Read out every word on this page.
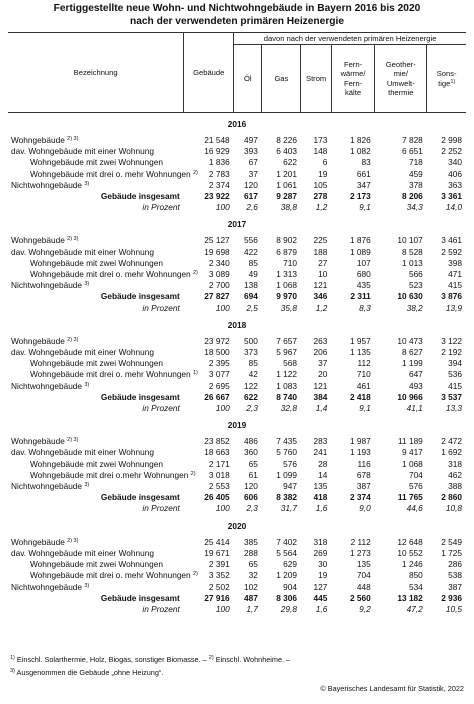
Fertiggestellte neue Wohn- und Nichtwohngebäude in Bayern 2016 bis 2020
nach der verwendeten primären Heizenergie
Bezeichnung	Gebäude	davon nach der verwendeten primären Heizenergie					
		Öl	Gas	Strom	Fern-
wärme/
Fern-
kälte	Geother-
mie/
Umwelt-
thermie	Sons-
tige$^{1)}$
2016							
Wohngebäude $^{2) 3)}$	21 548	497	8 226	173	1 826	7 828	2 998
dav. Wohngebäude mit einer Wohnung	16 929	393	6 403	148	1 082	6 651	2 252
Wohngebäude mit zwei Wohnungen	1 836	67	622	6	83	718	340
Wohngebäude mit drei o. mehr Wohnungen $^{2)}$	2 783	37	1 201	19	661	459	406
Nichtwohngebäude $^{3)}$	2 374	120	1 061	105	347	378	363
Gebäude insgesamt	23 922	617	9 287	278	2 173	8 206	3 361
in Prozent	100	2,6	38,8	1,2	9,1	34,3	14,0
2017							
Wohngebäude $^{2) 3)}$	25 127	556	8 902	225	1 876	10 107	3 461
dav. Wohngebäude mit einer Wohnung	19 698	422	6 879	188	1 089	8 528	2 592
Wohngebäude mit zwei Wohnungen	2 340	85	710	27	107	1 013	398
Wohngebäude mit drei o. mehr Wohnungen $^{2)}$	3 089	49	1 313	10	680	566	471
Nichtwohngebäude $^{3)}$	2 700	138	1 068	121	435	523	415
Gebäude insgesamt	27 827	694	9 970	346	2 311	10 630	3 876
in Prozent	100	2,5	35,8	1,2	8,3	38,2	13,9
2018							
Wohngebäude $^{2) 3)}$	23 972	500	7 657	263	1 957	10 473	3 122
dav. Wohngebäude mit einer Wohnung	18 500	373	5 967	206	1 135	8 627	2 192
Wohngebäude mit zwei Wohnungen	2 395	85	568	37	112	1 199	394
Wohngebäude mit drei o. mehr Wohnungen $^{1)}$	3 077	42	1 122	20	710	647	536
Nichtwohngebäude $^{3)}$	2 695	122	1 083	121	461	493	415
Gebäude insgesamt	26 667	622	8 740	384	2 418	10 966	3 537
in Prozent	100	2,3	32,8	1,4	9,1	41,1	13,3
2019							
Wohngebäude $^{2) 3)}$	23 852	486	7 435	283	1 987	11 189	2 472
dav. Wohngebäude mit einer Wohnung	18 663	360	5 760	241	1 193	9 417	1 692
Wohngebäude mit zwei Wohnungen	2 171	65	576	28	116	1 068	318
Wohngebäude mit drei o.mehr Wohnungen $^{2)}$	3 018	61	1 099	14	678	704	462
Nichtwohngebäude $^{3)}$	2 553	120	947	135	387	576	388
Gebäude insgesamt	26 405	606	8 382	418	2 374	11 765	2 860
in Prozent	100	2,3	31,7	1,6	9,0	44,6	10,8
2020							
Wohngebäude $^{2) 3)}$	25 414	385	7 402	318	2 112	12 648	2 549
dav. Wohngebäude mit einer Wohnung	19 671	288	5 564	269	1 273	10 552	1 725
Wohngebäude mit zwei Wohnungen	2 391	65	629	30	135	1 246	286
Wohngebäude mit drei o. mehr Wohnungen $^{2)}$	3 352	32	1 209	19	704	850	538
Nichtwohngebäude $^{3)}$	2 502	102	904	127	448	534	387
Gebäude insgesamt	27 916	487	8 306	445	2 560	13 182	2 936
in Prozent	100	1,7	29,8	1,6	9,2	47,2	10,5
$^{1)}$ Einschl. Solarthermie, Holz, Biogas, sonstiger Biomasse. – $^{2)}$ Einschl. Wohnheime. –
$^{3)}$ Ausgenommen die Gebäude „ohne Heizung“.
© Bayerisches Landesamt für Statistik, 2022
